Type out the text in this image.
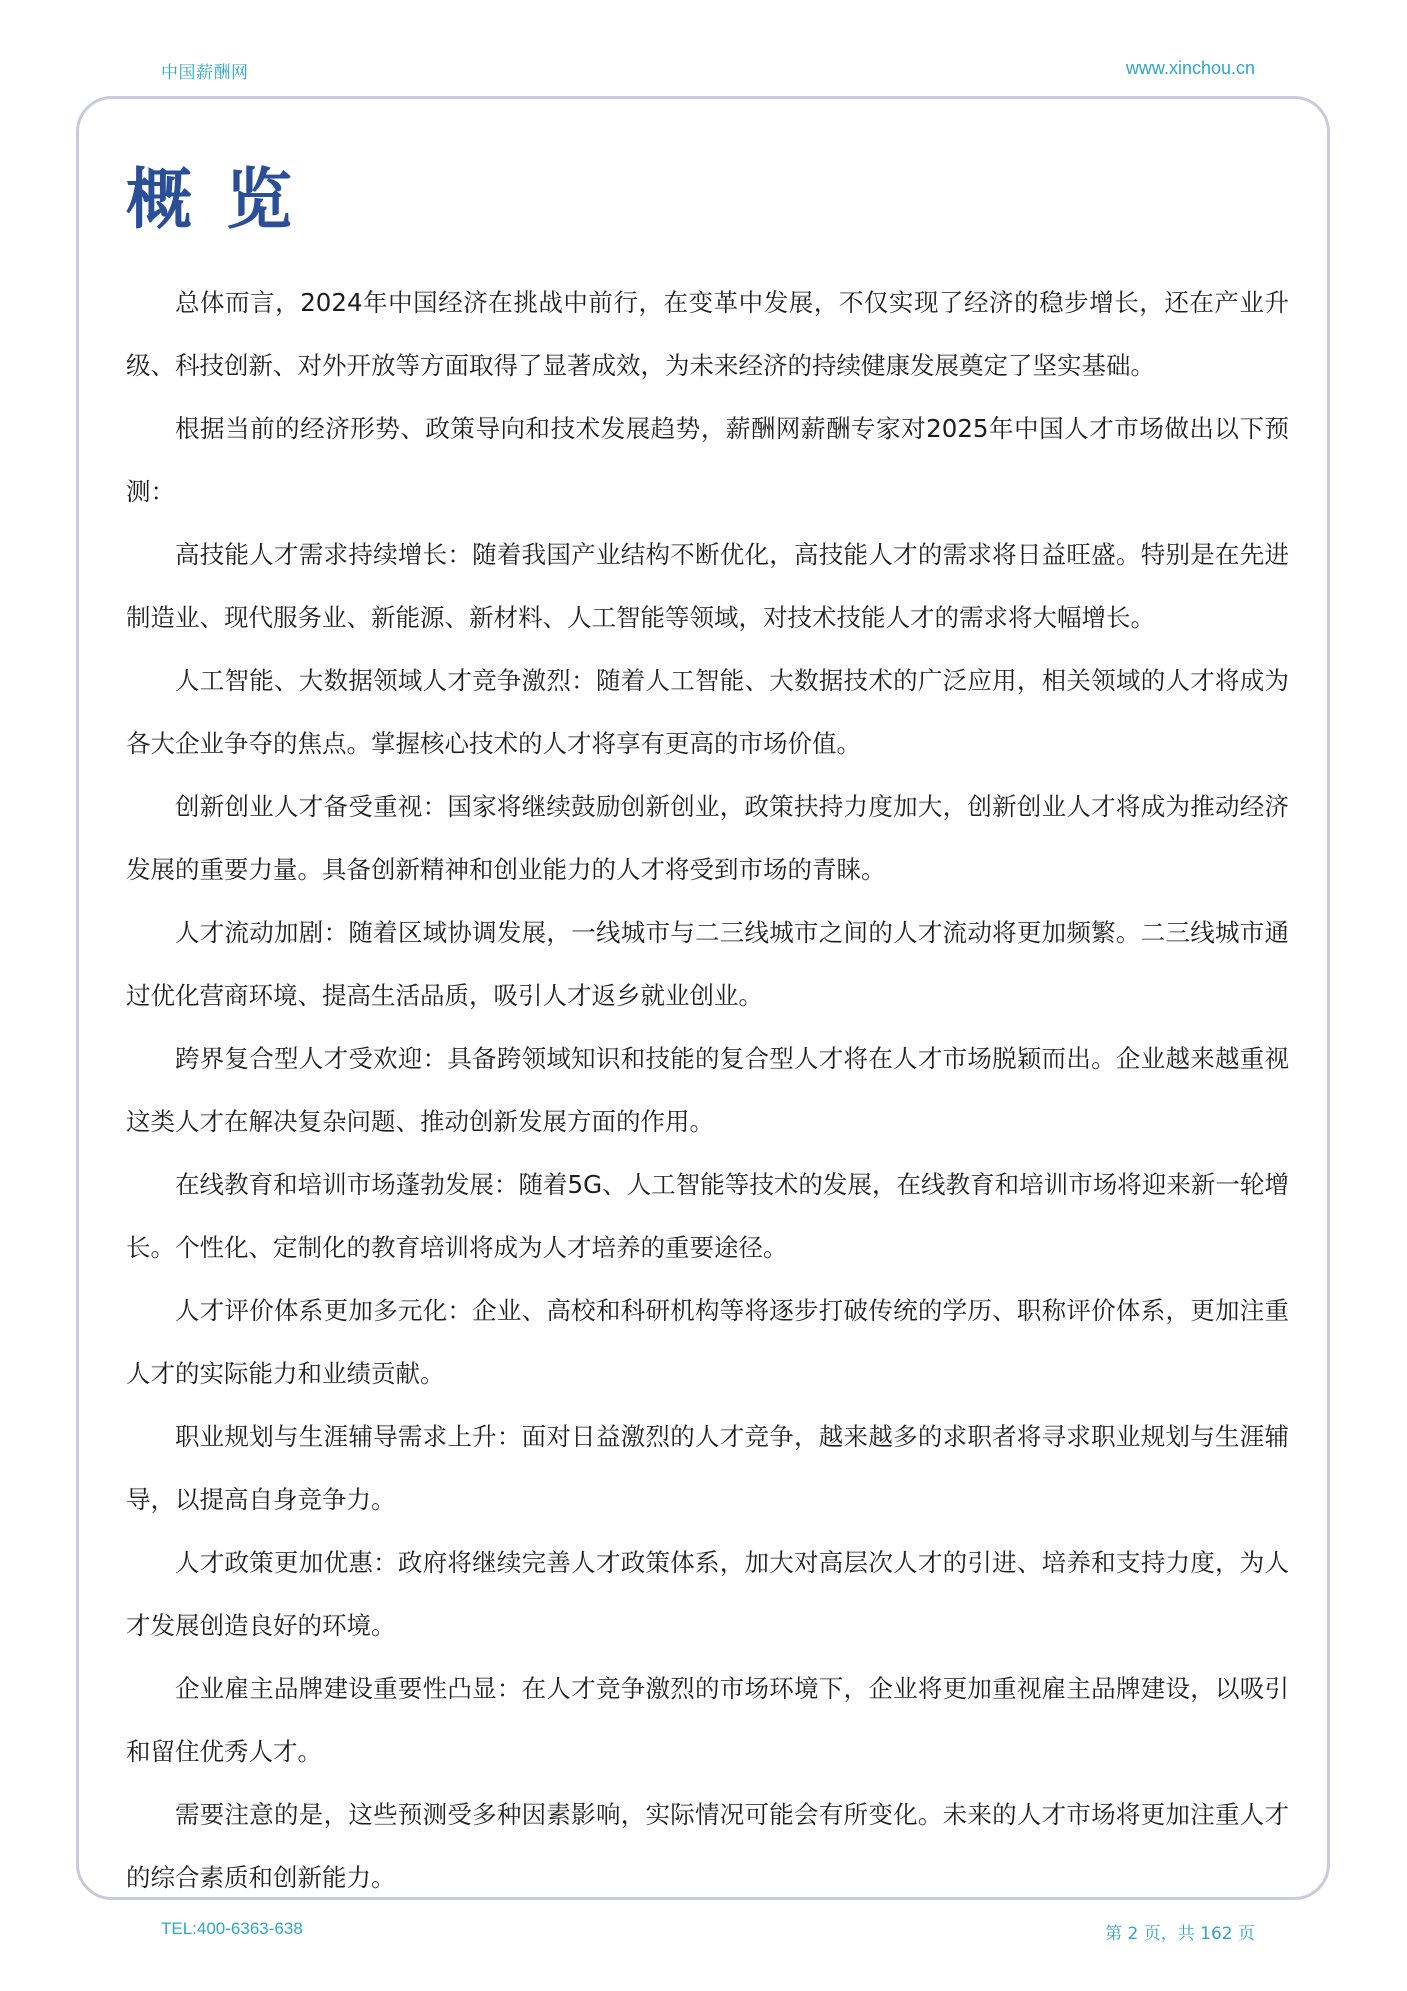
中国薪酬网	www.xinchou.cn
概览

总体而言，2024年中国经济在挑战中前行，在变革中发展，不仅实现了经济的稳步增长，还在产业升级、科技创新、对外开放等方面取得了显著成效，为未来经济的持续健康发展奠定了坚实基础。

根据当前的经济形势、政策导向和技术发展趋势，薪酬网薪酬专家对2025年中国人才市场做出以下预测：

高技能人才需求持续增长：随着我国产业结构不断优化，高技能人才的需求将日益旺盛。特别是在先进制造业、现代服务业、新能源、新材料、人工智能等领域，对技术技能人才的需求将大幅增长。

人工智能、大数据领域人才竞争激烈：随着人工智能、大数据技术的广泛应用，相关领域的人才将成为各大企业争夺的焦点。掌握核心技术的人才将享有更高的市场价值。

创新创业人才备受重视：国家将继续鼓励创新创业，政策扶持力度加大，创新创业人才将成为推动经济发展的重要力量。具备创新精神和创业能力的人才将受到市场的青睐。

人才流动加剧：随着区域协调发展，一线城市与二三线城市之间的人才流动将更加频繁。二三线城市通过优化营商环境、提高生活品质，吸引人才返乡就业创业。

跨界复合型人才受欢迎：具备跨领域知识和技能的复合型人才将在人才市场脱颖而出。企业越来越重视这类人才在解决复杂问题、推动创新发展方面的作用。

在线教育和培训市场蓬勃发展：随着5G、人工智能等技术的发展，在线教育和培训市场将迎来新一轮增长。个性化、定制化的教育培训将成为人才培养的重要途径。

人才评价体系更加多元化：企业、高校和科研机构等将逐步打破传统的学历、职称评价体系，更加注重人才的实际能力和业绩贡献。

职业规划与生涯辅导需求上升：面对日益激烈的人才竞争，越来越多的求职者将寻求职业规划与生涯辅导，以提高自身竞争力。

人才政策更加优惠：政府将继续完善人才政策体系，加大对高层次人才的引进、培养和支持力度，为人才发展创造良好的环境。

企业雇主品牌建设重要性凸显：在人才竞争激烈的市场环境下，企业将更加重视雇主品牌建设，以吸引和留住优秀人才。

需要注意的是，这些预测受多种因素影响，实际情况可能会有所变化。未来的人才市场将更加注重人才的综合素质和创新能力。

TEL:400-6363-638	第 2 页，共 162 页
